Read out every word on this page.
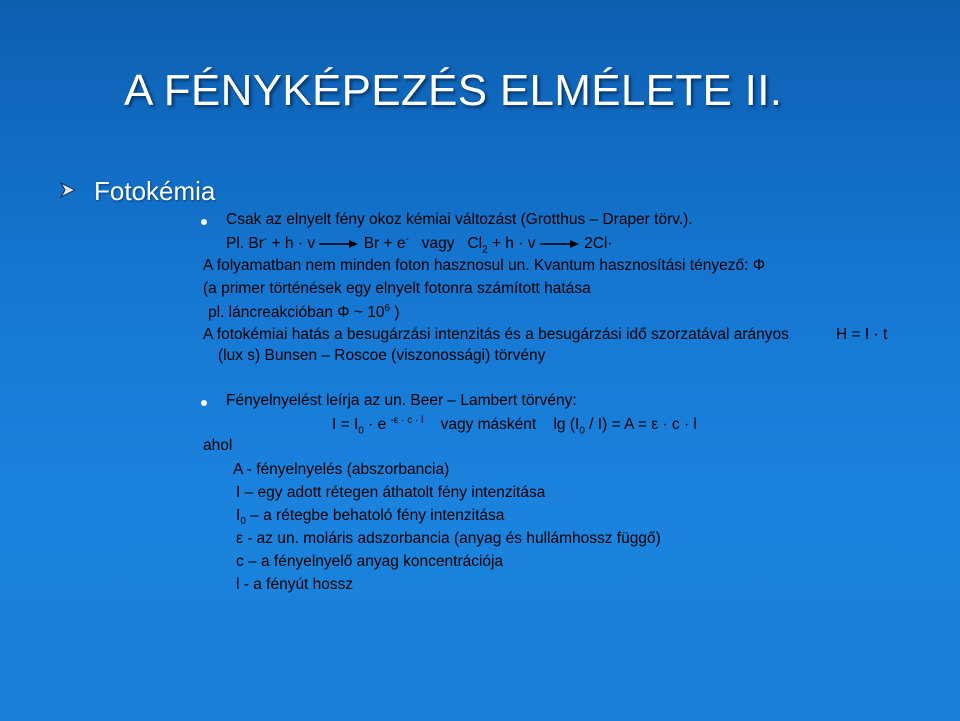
A FÉNYKÉPEZÉS ELMÉLETE II.
Fotokémia
Csak az elnyelt fény okoz kémiai változást (Grotthus – Draper törv.).
Pl. Br- + h · v → Br + e- vagy $Cl_2 + h \cdot v \to 2Cl\cdot$
A folyamatban nem minden foton hasznosul un. Kvantum hasznosítási tényező: Φ
(a primer történések egy elnyelt fotonra számított hatása
pl. láncreakcióban Φ ~ $10^6$ )
A fotokémiai hatás a besugárzási intenzitás és a besugárzási idő szorzatával arányos	H = I · t
(lux s) Bunsen – Roscoe (viszonossági) törvény
Fényelnyelést leírja az un. Beer – Lambert törvény:
$I = I_0 \cdot e$ $^{-\varepsilon \cdot c \cdot l}$ vagy másként $\lg (I_0 / I) = A = \varepsilon \cdot c \cdot l$
ahol
A - fényelnyelés (abszorbancia)
I – egy adott rétegen áthatolt fény intenzitása
$I_0$ – a rétegbe behatoló fény intenzitása
ε - az un. moláris adszorbancia (anyag és hullámhossz függő)
c – a fényelnyelő anyag koncentrációja
l - a fényút hossz
